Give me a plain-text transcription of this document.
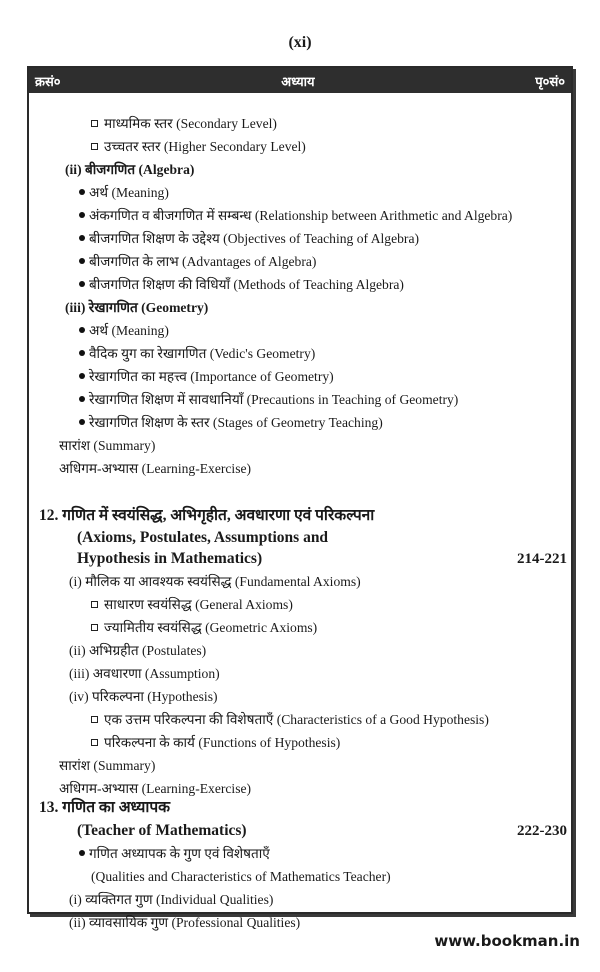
(xi)
क्रसं०	अध्याय	पृ०सं०
माध्यमिक स्तर (Secondary Level)
उच्चतर स्तर (Higher Secondary Level)
(ii) बीजगणित (Algebra)
अर्थ (Meaning)
अंकगणित व बीजगणित में सम्बन्ध (Relationship between Arithmetic and Algebra)
बीजगणित शिक्षण के उद्देश्य (Objectives of Teaching of Algebra)
बीजगणित के लाभ (Advantages of Algebra)
बीजगणित शिक्षण की विधियाँ (Methods of Teaching Algebra)
(iii) रेखागणित (Geometry)
अर्थ (Meaning)
वैदिक युग का रेखागणित (Vedic's Geometry)
रेखागणित का महत्त्व (Importance of Geometry)
रेखागणित शिक्षण में सावधानियाँ (Precautions in Teaching of Geometry)
रेखागणित शिक्षण के स्तर (Stages of Geometry Teaching)
सारांश (Summary)
अधिगम-अभ्यास (Learning-Exercise)
12. गणित में स्वयंसिद्ध, अभिगृहीत, अवधारणा एवं परिकल्पना
(Axioms, Postulates, Assumptions and
Hypothesis in Mathematics)	214-221
(i) मौलिक या आवश्यक स्वयंसिद्ध (Fundamental Axioms)
साधारण स्वयंसिद्ध (General Axioms)
ज्यामितीय स्वयंसिद्ध (Geometric Axioms)
(ii) अभिग्रहीत (Postulates)
(iii) अवधारणा (Assumption)
(iv) परिकल्पना (Hypothesis)
एक उत्तम परिकल्पना की विशेषताएँ (Characteristics of a Good Hypothesis)
परिकल्पना के कार्य (Functions of Hypothesis)
सारांश (Summary)
अधिगम-अभ्यास (Learning-Exercise)
13. गणित का अध्यापक
(Teacher of Mathematics)	222-230
गणित अध्यापक के गुण एवं विशेषताएँ
(Qualities and Characteristics of Mathematics Teacher)
(i) व्यक्तिगत गुण (Individual Qualities)
(ii) व्यावसायिक गुण (Professional Qualities)
www.bookman.in
